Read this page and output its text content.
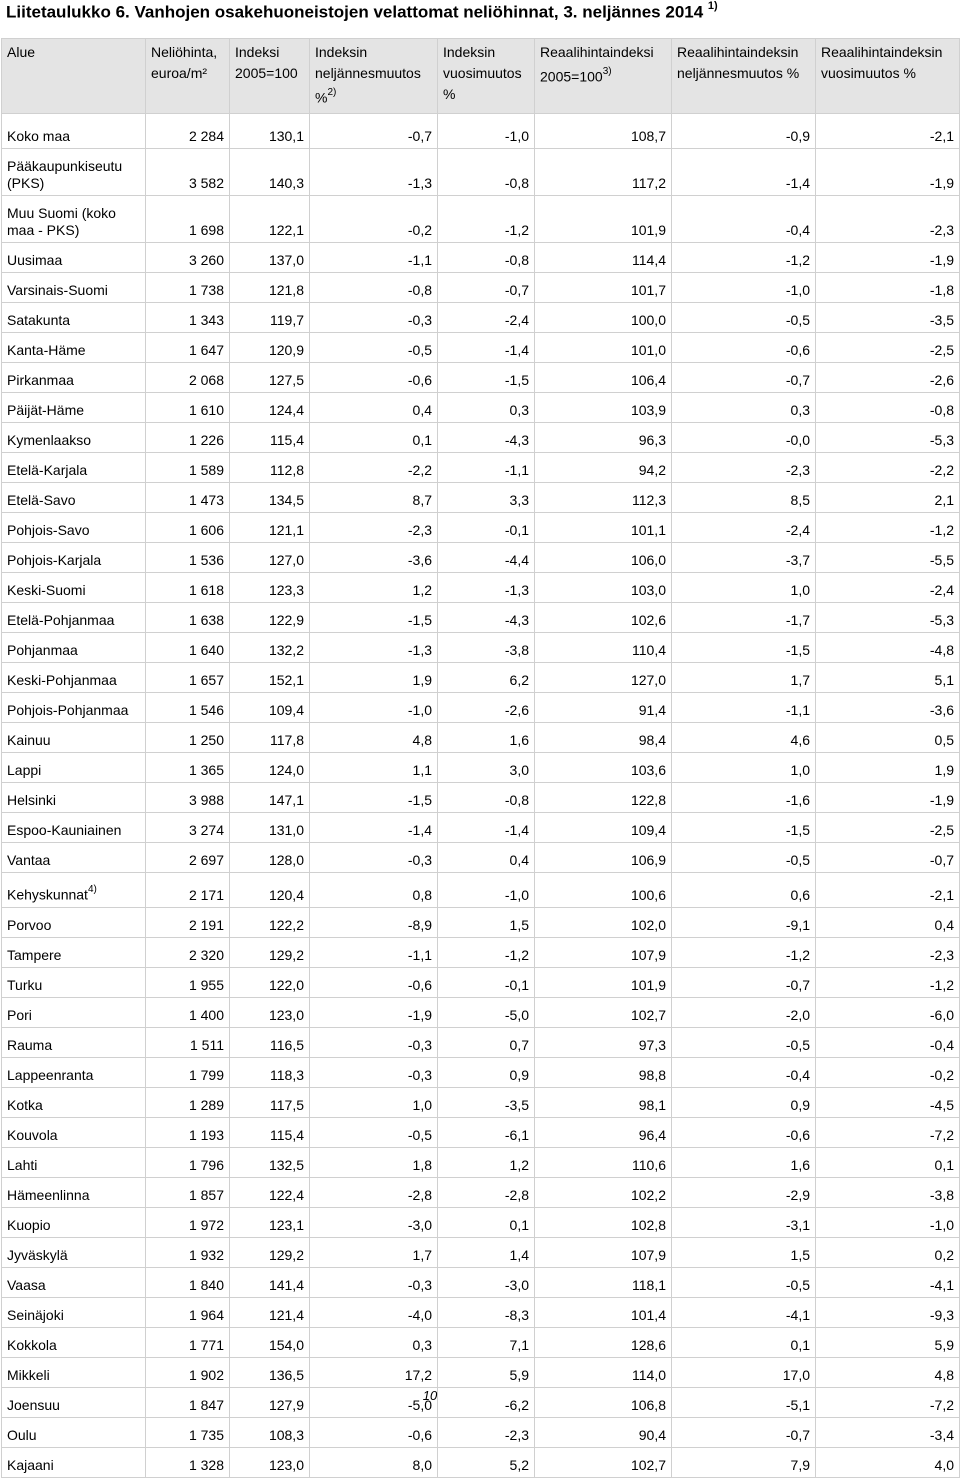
Liitetaulukko 6. Vanhojen osakehuoneistojen velattomat neliöhinnat, 3. neljännes 2014 $^{1)}$
Alue	Neliöhinta, euroa/m²	Indeksi 2005=100	Indeksin neljännesmuutos %$^{2)}$	Indeksin vuosimuutos %	Reaalihintaindeksi $2005=100^{3)}$	Reaalihintaindeksin neljännesmuutos %	Reaalihintaindeksin vuosimuutos %
Koko maa	2 284	130,1	-0,7	-1,0	108,7	-0,9	-2,1
Pääkaupunkiseutu (PKS)	3 582	140,3	-1,3	-0,8	117,2	-1,4	-1,9
Muu Suomi (koko maa - PKS)	1 698	122,1	-0,2	-1,2	101,9	-0,4	-2,3
Uusimaa	3 260	137,0	-1,1	-0,8	114,4	-1,2	-1,9
Varsinais-Suomi	1 738	121,8	-0,8	-0,7	101,7	-1,0	-1,8
Satakunta	1 343	119,7	-0,3	-2,4	100,0	-0,5	-3,5
Kanta-Häme	1 647	120,9	-0,5	-1,4	101,0	-0,6	-2,5
Pirkanmaa	2 068	127,5	-0,6	-1,5	106,4	-0,7	-2,6
Päijät-Häme	1 610	124,4	0,4	0,3	103,9	0,3	-0,8
Kymenlaakso	1 226	115,4	0,1	-4,3	96,3	-0,0	-5,3
Etelä-Karjala	1 589	112,8	-2,2	-1,1	94,2	-2,3	-2,2
Etelä-Savo	1 473	134,5	8,7	3,3	112,3	8,5	2,1
Pohjois-Savo	1 606	121,1	-2,3	-0,1	101,1	-2,4	-1,2
Pohjois-Karjala	1 536	127,0	-3,6	-4,4	106,0	-3,7	-5,5
Keski-Suomi	1 618	123,3	1,2	-1,3	103,0	1,0	-2,4
Etelä-Pohjanmaa	1 638	122,9	-1,5	-4,3	102,6	-1,7	-5,3
Pohjanmaa	1 640	132,2	-1,3	-3,8	110,4	-1,5	-4,8
Keski-Pohjanmaa	1 657	152,1	1,9	6,2	127,0	1,7	5,1
Pohjois-Pohjanmaa	1 546	109,4	-1,0	-2,6	91,4	-1,1	-3,6
Kainuu	1 250	117,8	4,8	1,6	98,4	4,6	0,5
Lappi	1 365	124,0	1,1	3,0	103,6	1,0	1,9
Helsinki	3 988	147,1	-1,5	-0,8	122,8	-1,6	-1,9
Espoo-Kauniainen	3 274	131,0	-1,4	-1,4	109,4	-1,5	-2,5
Vantaa	2 697	128,0	-0,3	0,4	106,9	-0,5	-0,7
Kehyskunnat$^{4)}$	2 171	120,4	0,8	-1,0	100,6	0,6	-2,1
Porvoo	2 191	122,2	-8,9	1,5	102,0	-9,1	0,4
Tampere	2 320	129,2	-1,1	-1,2	107,9	-1,2	-2,3
Turku	1 955	122,0	-0,6	-0,1	101,9	-0,7	-1,2
Pori	1 400	123,0	-1,9	-5,0	102,7	-2,0	-6,0
Rauma	1 511	116,5	-0,3	0,7	97,3	-0,5	-0,4
Lappeenranta	1 799	118,3	-0,3	0,9	98,8	-0,4	-0,2
Kotka	1 289	117,5	1,0	-3,5	98,1	0,9	-4,5
Kouvola	1 193	115,4	-0,5	-6,1	96,4	-0,6	-7,2
Lahti	1 796	132,5	1,8	1,2	110,6	1,6	0,1
Hämeenlinna	1 857	122,4	-2,8	-2,8	102,2	-2,9	-3,8
Kuopio	1 972	123,1	-3,0	0,1	102,8	-3,1	-1,0
Jyväskylä	1 932	129,2	1,7	1,4	107,9	1,5	0,2
Vaasa	1 840	141,4	-0,3	-3,0	118,1	-0,5	-4,1
Seinäjoki	1 964	121,4	-4,0	-8,3	101,4	-4,1	-9,3
Kokkola	1 771	154,0	0,3	7,1	128,6	0,1	5,9
Mikkeli	1 902	136,5	17,2	5,9	114,0	17,0	4,8
Joensuu	1 847	127,9	-5,0	-6,2	106,8	-5,1	-7,2
Oulu	1 735	108,3	-0,6	-2,3	90,4	-0,7	-3,4
Kajaani	1 328	123,0	8,0	5,2	102,7	7,9	4,0
10
